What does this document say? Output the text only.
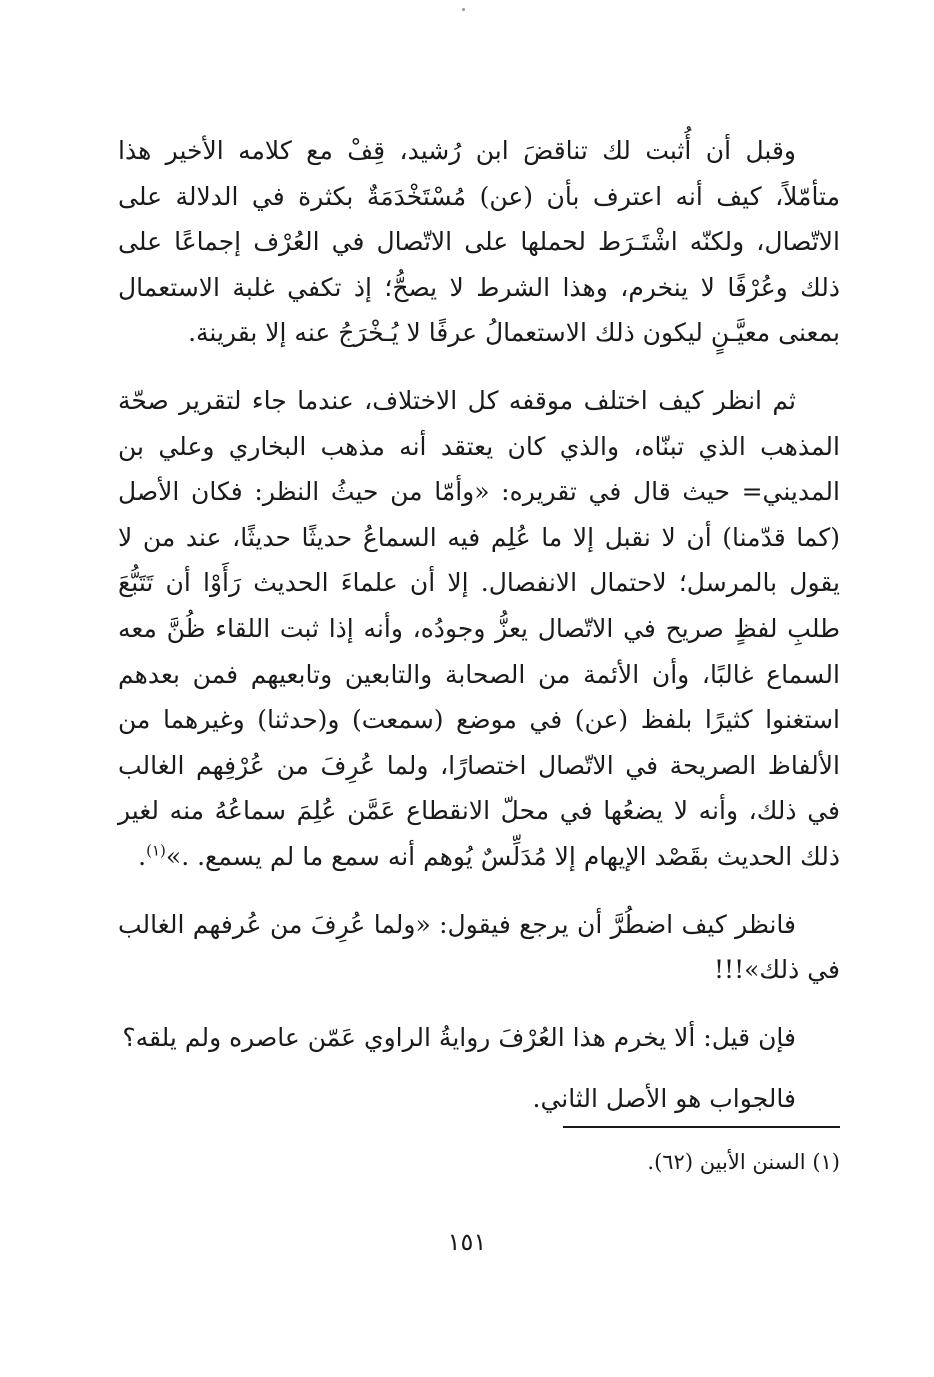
وقبل أن أُثبت لك تناقضَ ابن رُشيد، قِفْ مع كلامه الأخير هذا متأمّلاً، كيف أنه اعترف بأن (عن) مُسْتَخْدَمَةٌ بكثرة في الدلالة على الاتّصال، ولكنّه اشْتَـرَط لحملها على الاتّصال في العُرْف إجماعًا على ذلك وعُرْفًا لا ينخرم، وهذا الشرط لا يصحُّ؛ إذ تكفي غلبة الاستعمال بمعنى معيَّـنٍ ليكون ذلك الاستعمالُ عرفًا لا يُـخْرَجُ عنه إلا بقرينة.

ثم انظر كيف اختلف موقفه كل الاختلاف، عندما جاء لتقرير صحّة المذهب الذي تبنّاه، والذي كان يعتقد أنه مذهب البخاري وعلي بن المديني= حيث قال في تقريره: «وأمّا من حيثُ النظر: فكان الأصل (كما قدّمنا) أن لا نقبل إلا ما عُلِم فيه السماعُ حديثًا حديثًا، عند من لا يقول بالمرسل؛ لاحتمال الانفصال. إلا أن علماءَ الحديث رَأَوْا أن تَتَبُّعَ طلبِ لفظٍ صريح في الاتّصال يعزُّ وجودُه، وأنه إذا ثبت اللقاء ظُنَّ معه السماع غالبًا، وأن الأئمة من الصحابة والتابعين وتابعيهم فمن بعدهم استغنوا كثيرًا بلفظ (عن) في موضع (سمعت) و(حدثنا) وغيرهما من الألفاظ الصريحة في الاتّصال اختصارًا، ولما عُرِفَ من عُرْفِهم الغالب في ذلك، وأنه لا يضعُها في محلّ الانقطاع عَمَّن عُلِمَ سماعُهُ منه لغير ذلك الحديث بقَصْد الإيهام إلا مُدَلِّسٌ يُوهم أنه سمع ما لم يسمع. .»$^{(١)}$.

فانظر كيف اضطُرَّ أن يرجع فيقول: «ولما عُرِفَ من عُرفهم الغالب في ذلك»!!!

فإن قيل: ألا يخرم هذا العُرْفَ روايةُ الراوي عَمّن عاصره ولم يلقه؟

فالجواب هو الأصل الثاني.

(١) السنن الأبين (٦٢).
١٥١
